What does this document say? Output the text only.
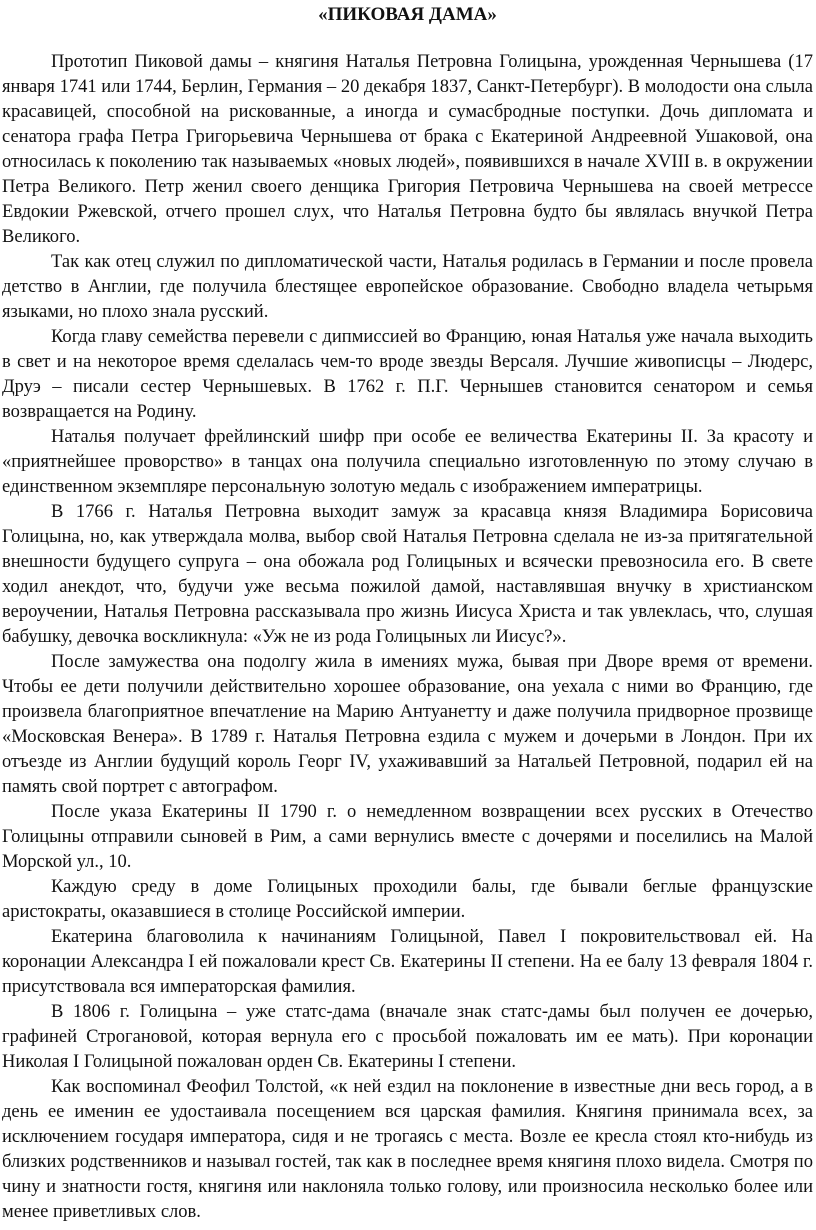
«ПИКОВАЯ ДАМА»

Прототип Пиковой дамы – княгиня Наталья Петровна Голицына, урожденная Чернышева (17 января 1741 или 1744, Берлин, Германия – 20 декабря 1837, Санкт-Петербург). В молодости она слыла красавицей, способной на рискованные, а иногда и сумасбродные поступки. Дочь дипломата и сенатора графа Петра Григорьевича Чернышева от брака с Екатериной Андреевной Ушаковой, она относилась к поколению так называемых «новых людей», появившихся в начале XVIII в. в окружении Петра Великого. Петр женил своего денщика Григория Петровича Чернышева на своей метрессе Евдокии Ржевской, отчего прошел слух, что Наталья Петровна будто бы являлась внучкой Петра Великого.

Так как отец служил по дипломатической части, Наталья родилась в Германии и после провела детство в Англии, где получила блестящее европейское образование. Свободно владела четырьмя языками, но плохо знала русский.

Когда главу семейства перевели с дипмиссией во Францию, юная Наталья уже начала выходить в свет и на некоторое время сделалась чем-то вроде звезды Версаля. Лучшие живописцы – Людерс, Друэ – писали сестер Чернышевых. В 1762 г. П.Г. Чернышев становится сенатором и семья возвращается на Родину.

Наталья получает фрейлинский шифр при особе ее величества Екатерины II. За красоту и «приятнейшее проворство» в танцах она получила специально изготовленную по этому случаю в единственном экземпляре персональную золотую медаль с изображением императрицы.

В 1766 г. Наталья Петровна выходит замуж за красавца князя Владимира Борисовича Голицына, но, как утверждала молва, выбор свой Наталья Петровна сделала не из-за притягательной внешности будущего супруга – она обожала род Голицыных и всячески превозносила его. В свете ходил анекдот, что, будучи уже весьма пожилой дамой, наставлявшая внучку в христианском вероучении, Наталья Петровна рассказывала про жизнь Иисуса Христа и так увлеклась, что, слушая бабушку, девочка воскликнула: «Уж не из рода Голицыных ли Иисус?».

После замужества она подолгу жила в имениях мужа, бывая при Дворе время от времени. Чтобы ее дети получили действительно хорошее образование, она уехала с ними во Францию, где произвела благоприятное впечатление на Марию Антуанетту и даже получила придворное прозвище «Московская Венера». В 1789 г. Наталья Петровна ездила с мужем и дочерьми в Лондон. При их отъезде из Англии будущий король Георг IV, ухаживавший за Натальей Петровной, подарил ей на память свой портрет с автографом.

После указа Екатерины II 1790 г. о немедленном возвращении всех русских в Отечество Голицыны отправили сыновей в Рим, а сами вернулись вместе с дочерями и поселились на Малой Морской ул., 10.

Каждую среду в доме Голицыных проходили балы, где бывали беглые французские аристократы, оказавшиеся в столице Российской империи.

Екатерина благоволила к начинаниям Голицыной, Павел I покровительствовал ей. На коронации Александра I ей пожаловали крест Св. Екатерины II степени. На ее балу 13 февраля 1804 г. присутствовала вся императорская фамилия.

В 1806 г. Голицына – уже статс-дама (вначале знак статс-дамы был получен ее дочерью, графиней Строгановой, которая вернула его с просьбой пожаловать им ее мать). При коронации Николая I Голицыной пожалован орден Св. Екатерины I степени.

Как воспоминал Феофил Толстой, «к ней ездил на поклонение в известные дни весь город, а в день ее именин ее удостаивала посещением вся царская фамилия. Княгиня принимала всех, за исключением государя императора, сидя и не трогаясь с места. Возле ее кресла стоял кто-нибудь из близких родственников и называл гостей, так как в последнее время княгиня плохо видела. Смотря по чину и знатности гостя, княгиня или наклоняла только голову, или произносила несколько более или менее приветливых слов.
